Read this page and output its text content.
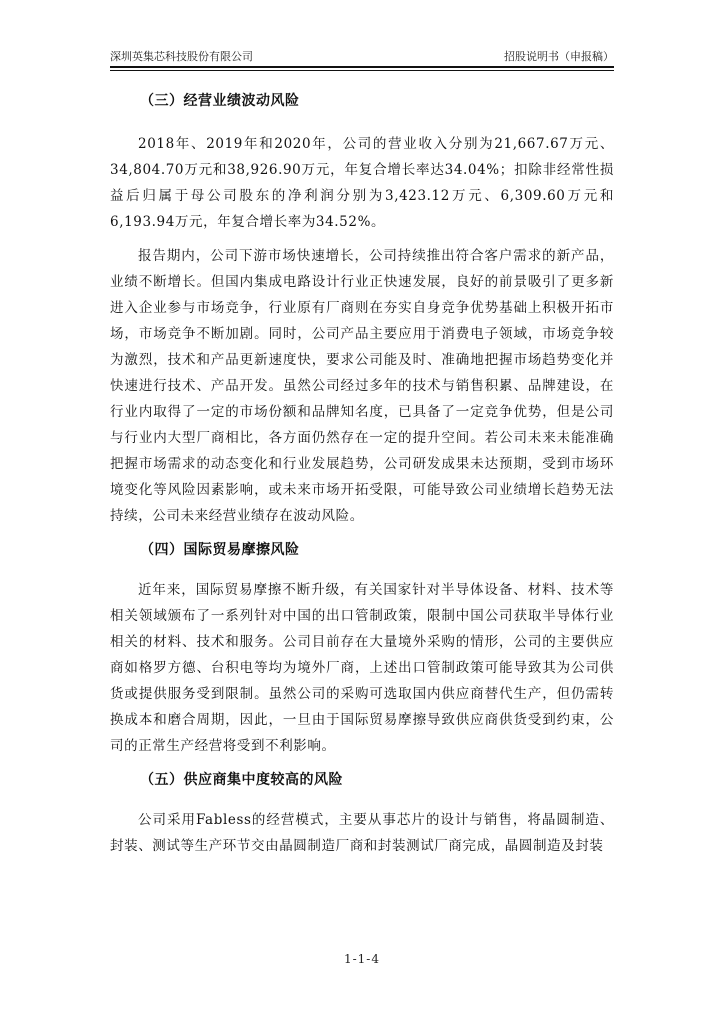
深圳英集芯科技股份有限公司	招股说明书（申报稿）
（三）经营业绩波动风险

2018年、2019年和2020年，公司的营业收入分别为21,667.67万元、34,804.70万元和38,926.90万元，年复合增长率达34.04%；扣除非经常性损益后归属于母公司股东的净利润分别为3,423.12万元、6,309.60万元和6,193.94万元，年复合增长率为34.52%。

报告期内，公司下游市场快速增长，公司持续推出符合客户需求的新产品，业绩不断增长。但国内集成电路设计行业正快速发展，良好的前景吸引了更多新进入企业参与市场竞争，行业原有厂商则在夯实自身竞争优势基础上积极开拓市场，市场竞争不断加剧。同时，公司产品主要应用于消费电子领域，市场竞争较为激烈，技术和产品更新速度快，要求公司能及时、准确地把握市场趋势变化并快速进行技术、产品开发。虽然公司经过多年的技术与销售积累、品牌建设，在行业内取得了一定的市场份额和品牌知名度，已具备了一定竞争优势，但是公司与行业内大型厂商相比，各方面仍然存在一定的提升空间。若公司未来未能准确把握市场需求的动态变化和行业发展趋势，公司研发成果未达预期，受到市场环境变化等风险因素影响，或未来市场开拓受限，可能导致公司业绩增长趋势无法持续，公司未来经营业绩存在波动风险。

（四）国际贸易摩擦风险

近年来，国际贸易摩擦不断升级，有关国家针对半导体设备、材料、技术等相关领域颁布了一系列针对中国的出口管制政策，限制中国公司获取半导体行业相关的材料、技术和服务。公司目前存在大量境外采购的情形，公司的主要供应商如格罗方德、台积电等均为境外厂商，上述出口管制政策可能导致其为公司供货或提供服务受到限制。虽然公司的采购可选取国内供应商替代生产，但仍需转换成本和磨合周期，因此，一旦由于国际贸易摩擦导致供应商供货受到约束，公司的正常生产经营将受到不利影响。

（五）供应商集中度较高的风险

公司采用Fabless的经营模式，主要从事芯片的设计与销售，将晶圆制造、封装、测试等生产环节交由晶圆制造厂商和封装测试厂商完成，晶圆制造及封装

1-1-4
